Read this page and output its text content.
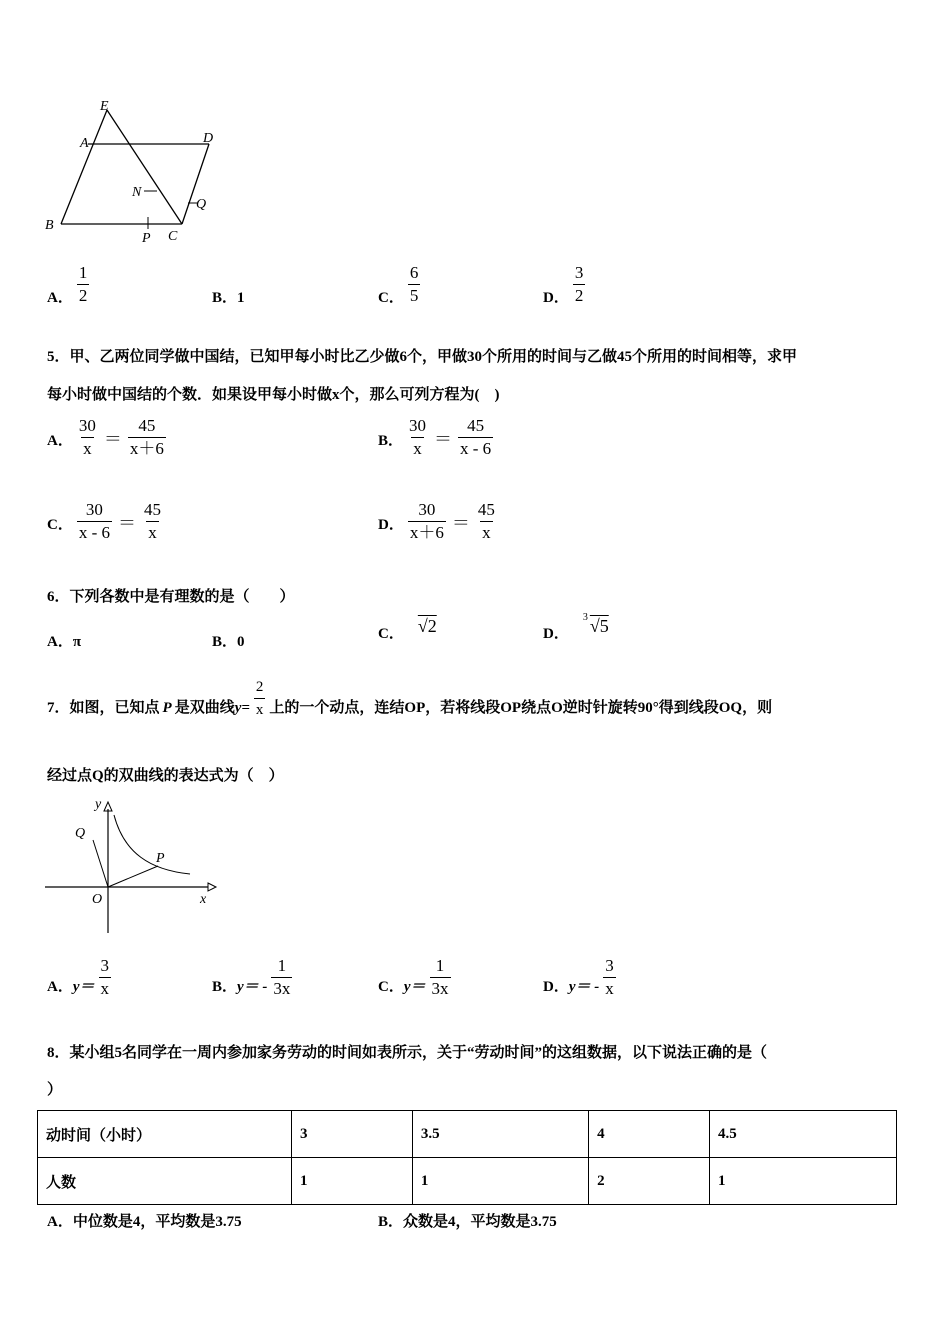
E
A	D
N
Q
B
P C
A． $\frac{1}{2}$	B． 1	C． $\frac{6}{5}$	D． $\frac{3}{2}$
5．甲、乙两位同学做中国结，已知甲每小时比乙少做6个，甲做30个所用的时间与乙做45个所用的时间相等，求甲
每小时做中国结的个数．如果设甲每小时做x个，那么可列方程为(　)
A． $\frac{30}{x} = \frac{45}{x+6}$	B． $\frac{30}{x} = \frac{45}{x - 6}$
C． $\frac{30}{x - 6} = \frac{45}{x}$	D． $\frac{30}{x+6} = \frac{45}{x}$
6．下列各数中是有理数的是（　　）
A． π	B． 0	C． √2	D．
3 √5
7．如图，已知点 P 是双曲线 $y= \frac{2}{x}$ 上的一个动点，连结OP，若将线段OP绕点O逆时针旋转90°得到线段OQ，则
经过点Q的双曲线的表达式为（　）
y
Q
P
O	x
A． $y= \frac{3}{x}$	B． $y= - \frac{1}{3x}$	C． $y= \frac{1}{3x}$	D． $y= - \frac{3}{x}$
8．某小组5名同学在一周内参加家务劳动的时间如表所示，关于“劳动时间”的这组数据，以下说法正确的是（
）
动时间（小时）	3	3.5	4	4.5
人数	1	1	2	1
A． 中位数是4，平均数是3.75	B． 众数是4，平均数是3.75
